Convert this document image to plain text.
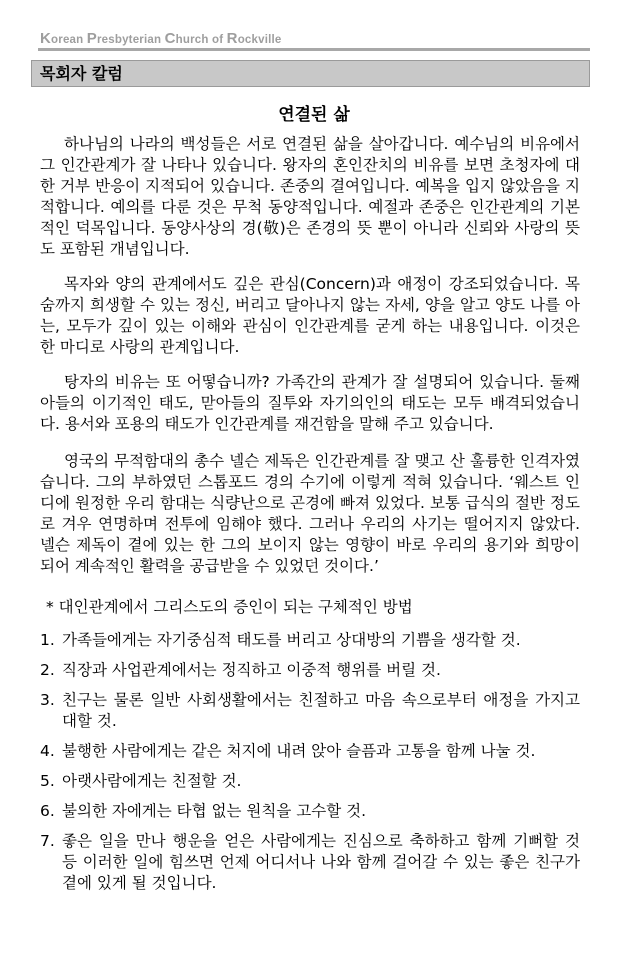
Korean Presbyterian Church of Rockville
목회자 칼럼
연결된 삶

하나님의 나라의 백성들은 서로 연결된 삶을 살아갑니다. 예수님의 비유에서 그 인간관계가 잘 나타나 있습니다. 왕자의 혼인잔치의 비유를 보면 초청자에 대한 거부 반응이 지적되어 있습니다. 존중의 결여입니다. 예복을 입지 않았음을 지적합니다. 예의를 다룬 것은 무척 동양적입니다. 예절과 존중은 인간관계의 기본적인 덕목입니다. 동양사상의 경(敬)은 존경의 뜻 뿐이 아니라 신뢰와 사랑의 뜻도 포함된 개념입니다.

목자와 양의 관계에서도 깊은 관심(Concern)과 애정이 강조되었습니다. 목숨까지 희생할 수 있는 정신, 버리고 달아나지 않는 자세, 양을 알고 양도 나를 아는, 모두가 깊이 있는 이해와 관심이 인간관계를 굳게 하는 내용입니다. 이것은 한 마디로 사랑의 관계입니다.

탕자의 비유는 또 어떻습니까? 가족간의 관계가 잘 설명되어 있습니다. 둘째 아들의 이기적인 태도, 맏아들의 질투와 자기의인의 태도는 모두 배격되었습니다. 용서와 포용의 태도가 인간관계를 재건함을 말해 주고 있습니다.

영국의 무적함대의 총수 넬슨 제독은 인간관계를 잘 맺고 산 훌륭한 인격자였습니다. 그의 부하였던 스톱포드 경의 수기에 이렇게 적혀 있습니다. ‘웨스트 인디에 원정한 우리 함대는 식량난으로 곤경에 빠져 있었다. 보통 급식의 절반 정도로 겨우 연명하며 전투에 임해야 했다. 그러나 우리의 사기는 떨어지지 않았다. 넬슨 제독이 곁에 있는 한 그의 보이지 않는 영향이 바로 우리의 용기와 희망이 되어 계속적인 활력을 공급받을 수 있었던 것이다.’

* 대인관계에서 그리스도의 증인이 되는 구체적인 방법
1. 가족들에게는 자기중심적 태도를 버리고 상대방의 기쁨을 생각할 것.
2. 직장과 사업관계에서는 정직하고 이중적 행위를 버릴 것.
3. 친구는 물론 일반 사회생활에서는 친절하고 마음 속으로부터 애정을 가지고 대할 것.
4. 불행한 사람에게는 같은 처지에 내려 앉아 슬픔과 고통을 함께 나눌 것.
5. 아랫사람에게는 친절할 것.
6. 불의한 자에게는 타협 없는 원칙을 고수할 것.
7. 좋은 일을 만나 행운을 얻은 사람에게는 진심으로 축하하고 함께 기뻐할 것 등 이러한 일에 힘쓰면 언제 어디서나 나와 함께 걸어갈 수 있는 좋은 친구가 곁에 있게 될 것입니다.
